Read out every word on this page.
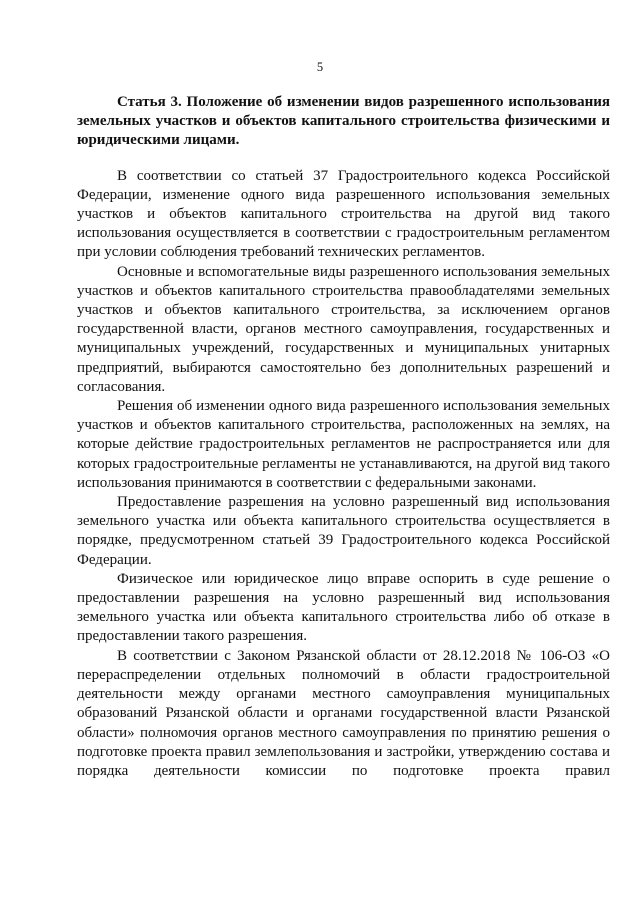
5

Статья 3. Положение об изменении видов разрешенного использования земельных участков и объектов капитального строительства физическими и юридическими лицами.

В соответствии со статьей 37 Градостроительного кодекса Российской Федерации, изменение одного вида разрешенного использования земельных участков и объектов капитального строительства на другой вид такого использования осуществляется в соответствии с градостроительным регламентом при условии соблюдения требований технических регламентов.

Основные и вспомогательные виды разрешенного использования земельных участков и объектов капитального строительства правообладателями земельных участков и объектов капитального строительства, за исключением органов государственной власти, органов местного самоуправления, государственных и муниципальных учреждений, государственных и муниципальных унитарных предприятий, выбираются самостоятельно без дополнительных разрешений и согласования.

Решения об изменении одного вида разрешенного использования земельных участков и объектов капитального строительства, расположенных на землях, на которые действие градостроительных регламентов не распространяется или для которых градостроительные регламенты не устанавливаются, на другой вид такого использования принимаются в соответствии с федеральными законами.

Предоставление разрешения на условно разрешенный вид использования земельного участка или объекта капитального строительства осуществляется в порядке, предусмотренном статьей 39 Градостроительного кодекса Российской Федерации.

Физическое или юридическое лицо вправе оспорить в суде решение о предоставлении разрешения на условно разрешенный вид использования земельного участка или объекта капитального строительства либо об отказе в предоставлении такого разрешения.

В соответствии с Законом Рязанской области от 28.12.2018 № 106-ОЗ «О перераспределении отдельных полномочий в области градостроительной деятельности между органами местного самоуправления муниципальных образований Рязанской области и органами государственной власти Рязанской области» полномочия органов местного самоуправления по принятию решения о подготовке проекта правил землепользования и застройки, утверждению состава и порядка деятельности комиссии по подготовке проекта правил
